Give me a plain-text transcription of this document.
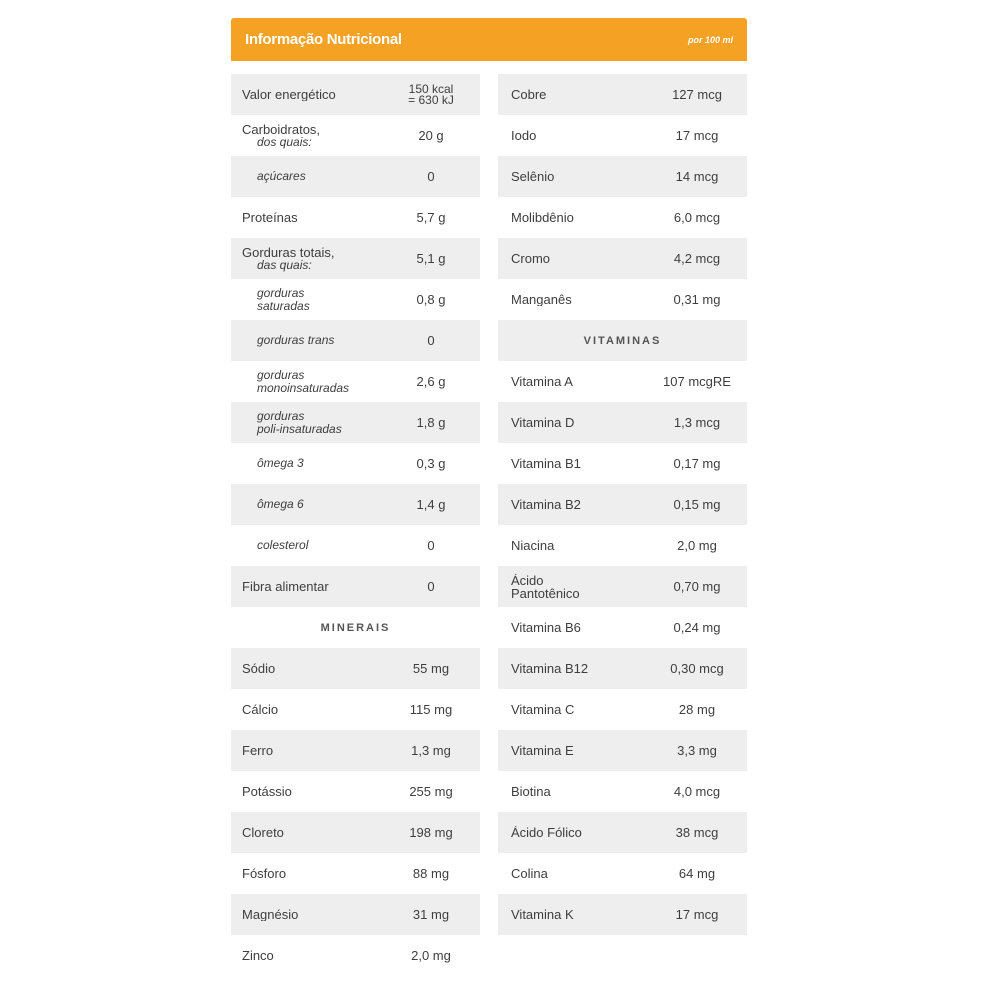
Informação Nutricional	por 100 ml
Valor energético	150 kcal
= 630 kJ
Carboidratos,
dos quais:	20 g
açúcares	0
Proteínas	5,7 g
Gorduras totais,
das quais:	5,1 g
gorduras
saturadas	0,8 g
gorduras trans	0
gorduras
monoinsaturadas	2,6 g
gorduras
poli-insaturadas	1,8 g
ômega 3	0,3 g
ômega 6	1,4 g
colesterol	0
Fibra alimentar	0
MINERAIS
Sódio	55 mg
Cálcio	115 mg
Ferro	1,3 mg
Potássio	255 mg
Cloreto	198 mg
Fósforo	88 mg
Magnésio	31 mg
Zinco	2,0 mg
Cobre	127 mcg
Iodo	17 mcg
Selênio	14 mcg
Molibdênio	6,0 mcg
Cromo	4,2 mcg
Manganês	0,31 mg
VITAMINAS
Vitamina A	107 mcgRE
Vitamina D	1,3 mcg
Vitamina B1	0,17 mg
Vitamina B2	0,15 mg
Niacina	2,0 mg
Ácido
Pantotênico	0,70 mg
Vitamina B6	0,24 mg
Vitamina B12	0,30 mcg
Vitamina C	28 mg
Vitamina E	3,3 mg
Biotina	4,0 mcg
Ácido Fólico	38 mcg
Colina	64 mg
Vitamina K	17 mcg
